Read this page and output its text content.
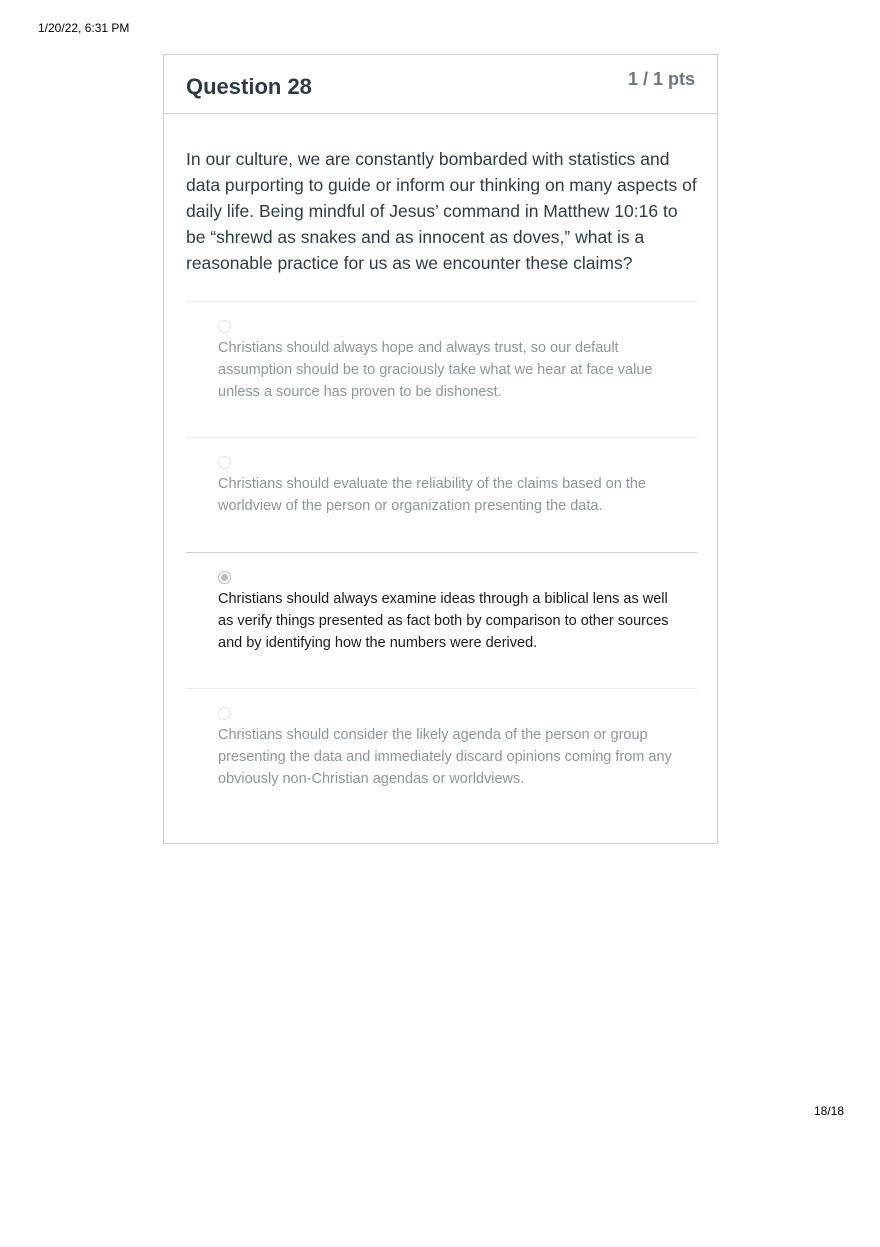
1/20/22, 6:31 PM
Question 28	1 / 1 pts
In our culture, we are constantly bombarded with statistics and data purporting to guide or inform our thinking on many aspects of daily life. Being mindful of Jesus’ command in Matthew 10:16 to be “shrewd as snakes and as innocent as doves,” what is a reasonable practice for us as we encounter these claims?
Christians should always hope and always trust, so our default assumption should be to graciously take what we hear at face value unless a source has proven to be dishonest.
Christians should evaluate the reliability of the claims based on the worldview of the person or organization presenting the data.
Christians should always examine ideas through a biblical lens as well as verify things presented as fact both by comparison to other sources and by identifying how the numbers were derived.
Christians should consider the likely agenda of the person or group presenting the data and immediately discard opinions coming from any obviously non-Christian agendas or worldviews.
18/18
